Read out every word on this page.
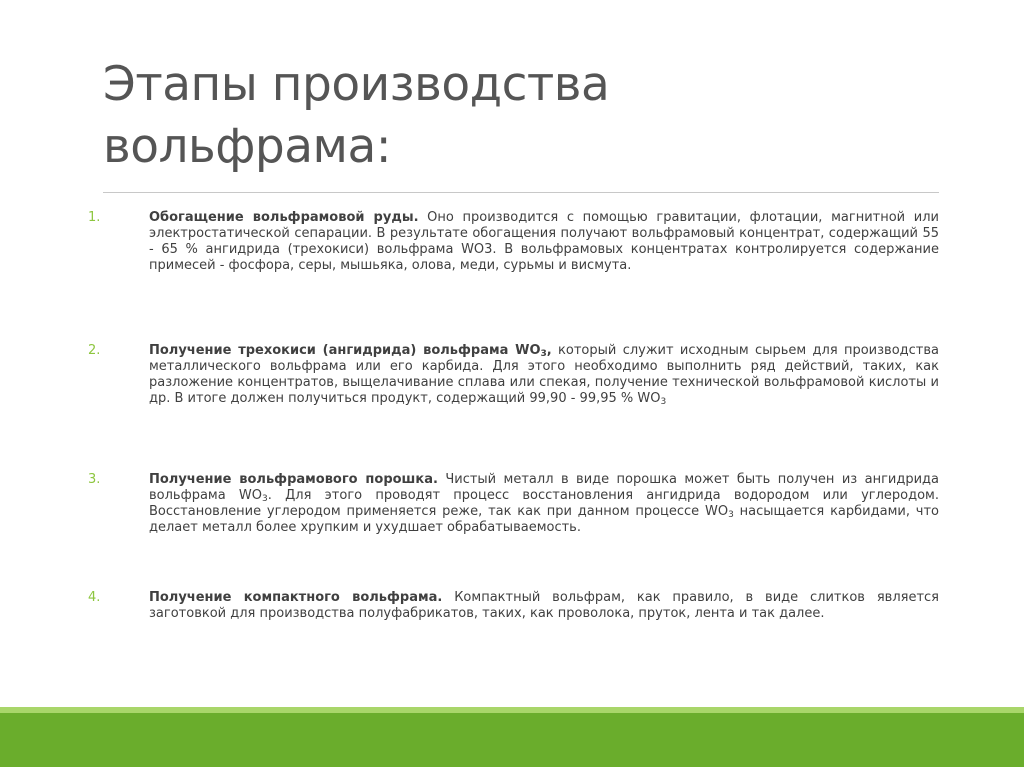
Этапы производства
вольфрама:
1.	Обогащение вольфрамовой руды. Оно производится с помощью гравитации, флотации, магнитной или электростатической сепарации. В результате обогащения получают вольфрамовый концентрат, содержащий 55 - 65 % ангидрида (трехокиси) вольфрама WO3. В вольфрамовых концентратах контролируется содержание примесей - фосфора, серы, мышьяка, олова, меди, сурьмы и висмута.
2.	Получение трехокиси (ангидрида) вольфрама $WO_3$, который служит исходным сырьем для производства металлического вольфрама или его карбида. Для этого необходимо выполнить ряд действий, таких, как разложение концентратов, выщелачивание сплава или спекая, получение технической вольфрамовой кислоты и др. В итоге должен получиться продукт, содержащий 99,90 - 99,95 % $WO_3$
3.	Получение вольфрамового порошка. Чистый металл в виде порошка может быть получен из ангидрида вольфрама $WO_3$. Для этого проводят процесс восстановления ангидрида водородом или углеродом. Восстановление углеродом применяется реже, так как при данном процессе $WO_3$ насыщается карбидами, что делает металл более хрупким и ухудшает обрабатываемость.
4.	Получение компактного вольфрама. Компактный вольфрам, как правило, в виде слитков является заготовкой для производства полуфабрикатов, таких, как проволока, пруток, лента и так далее.
